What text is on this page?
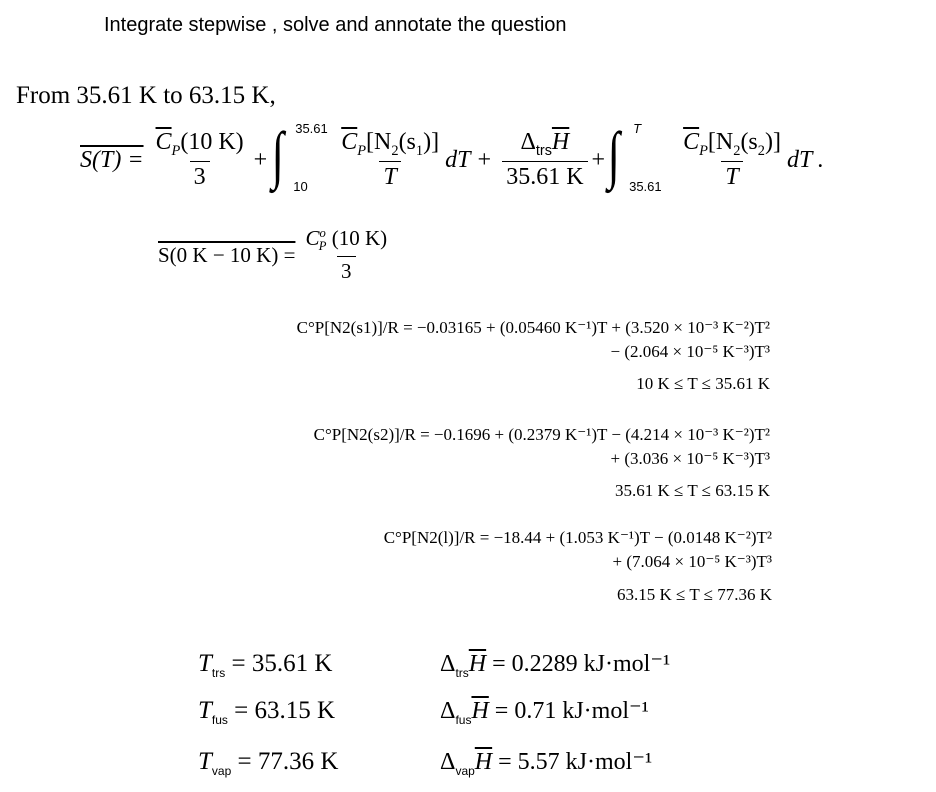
Integrate stepwise , solve and annotate the question
From 35.61 K to 63.15 K,
$S(T) = \frac{\overline{C}_P(10 K)}{3}$ + ∫ 35.61
$10 \frac{\overline{C}_P[N_2(s_1)]}{T}$ dT + $\frac{\Delta_{trs}\overline{H}}{35.61 K}$ + ∫ T
$35.61 \frac{\overline{C}_P[N_2(s_2)]}{T}$ dT .
S(0 K − 10 $K) = \frac{C^o_P (10 K)}{3}$
C°P[N2(s1)]/R = −0.03165 + (0.05460 K⁻¹)T + (3.520 × 10⁻³ K⁻²)T²
− (2.064 × 10⁻⁵ K⁻³)T³
10 K ≤ T ≤ 35.61 K
C°P[N2(s2)]/R = −0.1696 + (0.2379 K⁻¹)T − (4.214 × 10⁻³ K⁻²)T²
+ (3.036 × 10⁻⁵ K⁻³)T³
35.61 K ≤ T ≤ 63.15 K
C°P[N2(l)]/R = −18.44 + (1.053 K⁻¹)T − (0.0148 K⁻²)T²
+ (7.064 × 10⁻⁵ K⁻³)T³
63.15 K ≤ T ≤ 77.36 K
$T_{trs} = 35.61$ K
$T_{fus} = 63.15$ K
$T_{vap} = 77.36$ K
$\Delta_{trs}\overline{H} = 0.2289$ kJ·mol⁻¹
$\Delta_{fus}\overline{H} = 0.71$ kJ·mol⁻¹
$\Delta_{vap}\overline{H} = 5.57$ kJ·mol⁻¹
